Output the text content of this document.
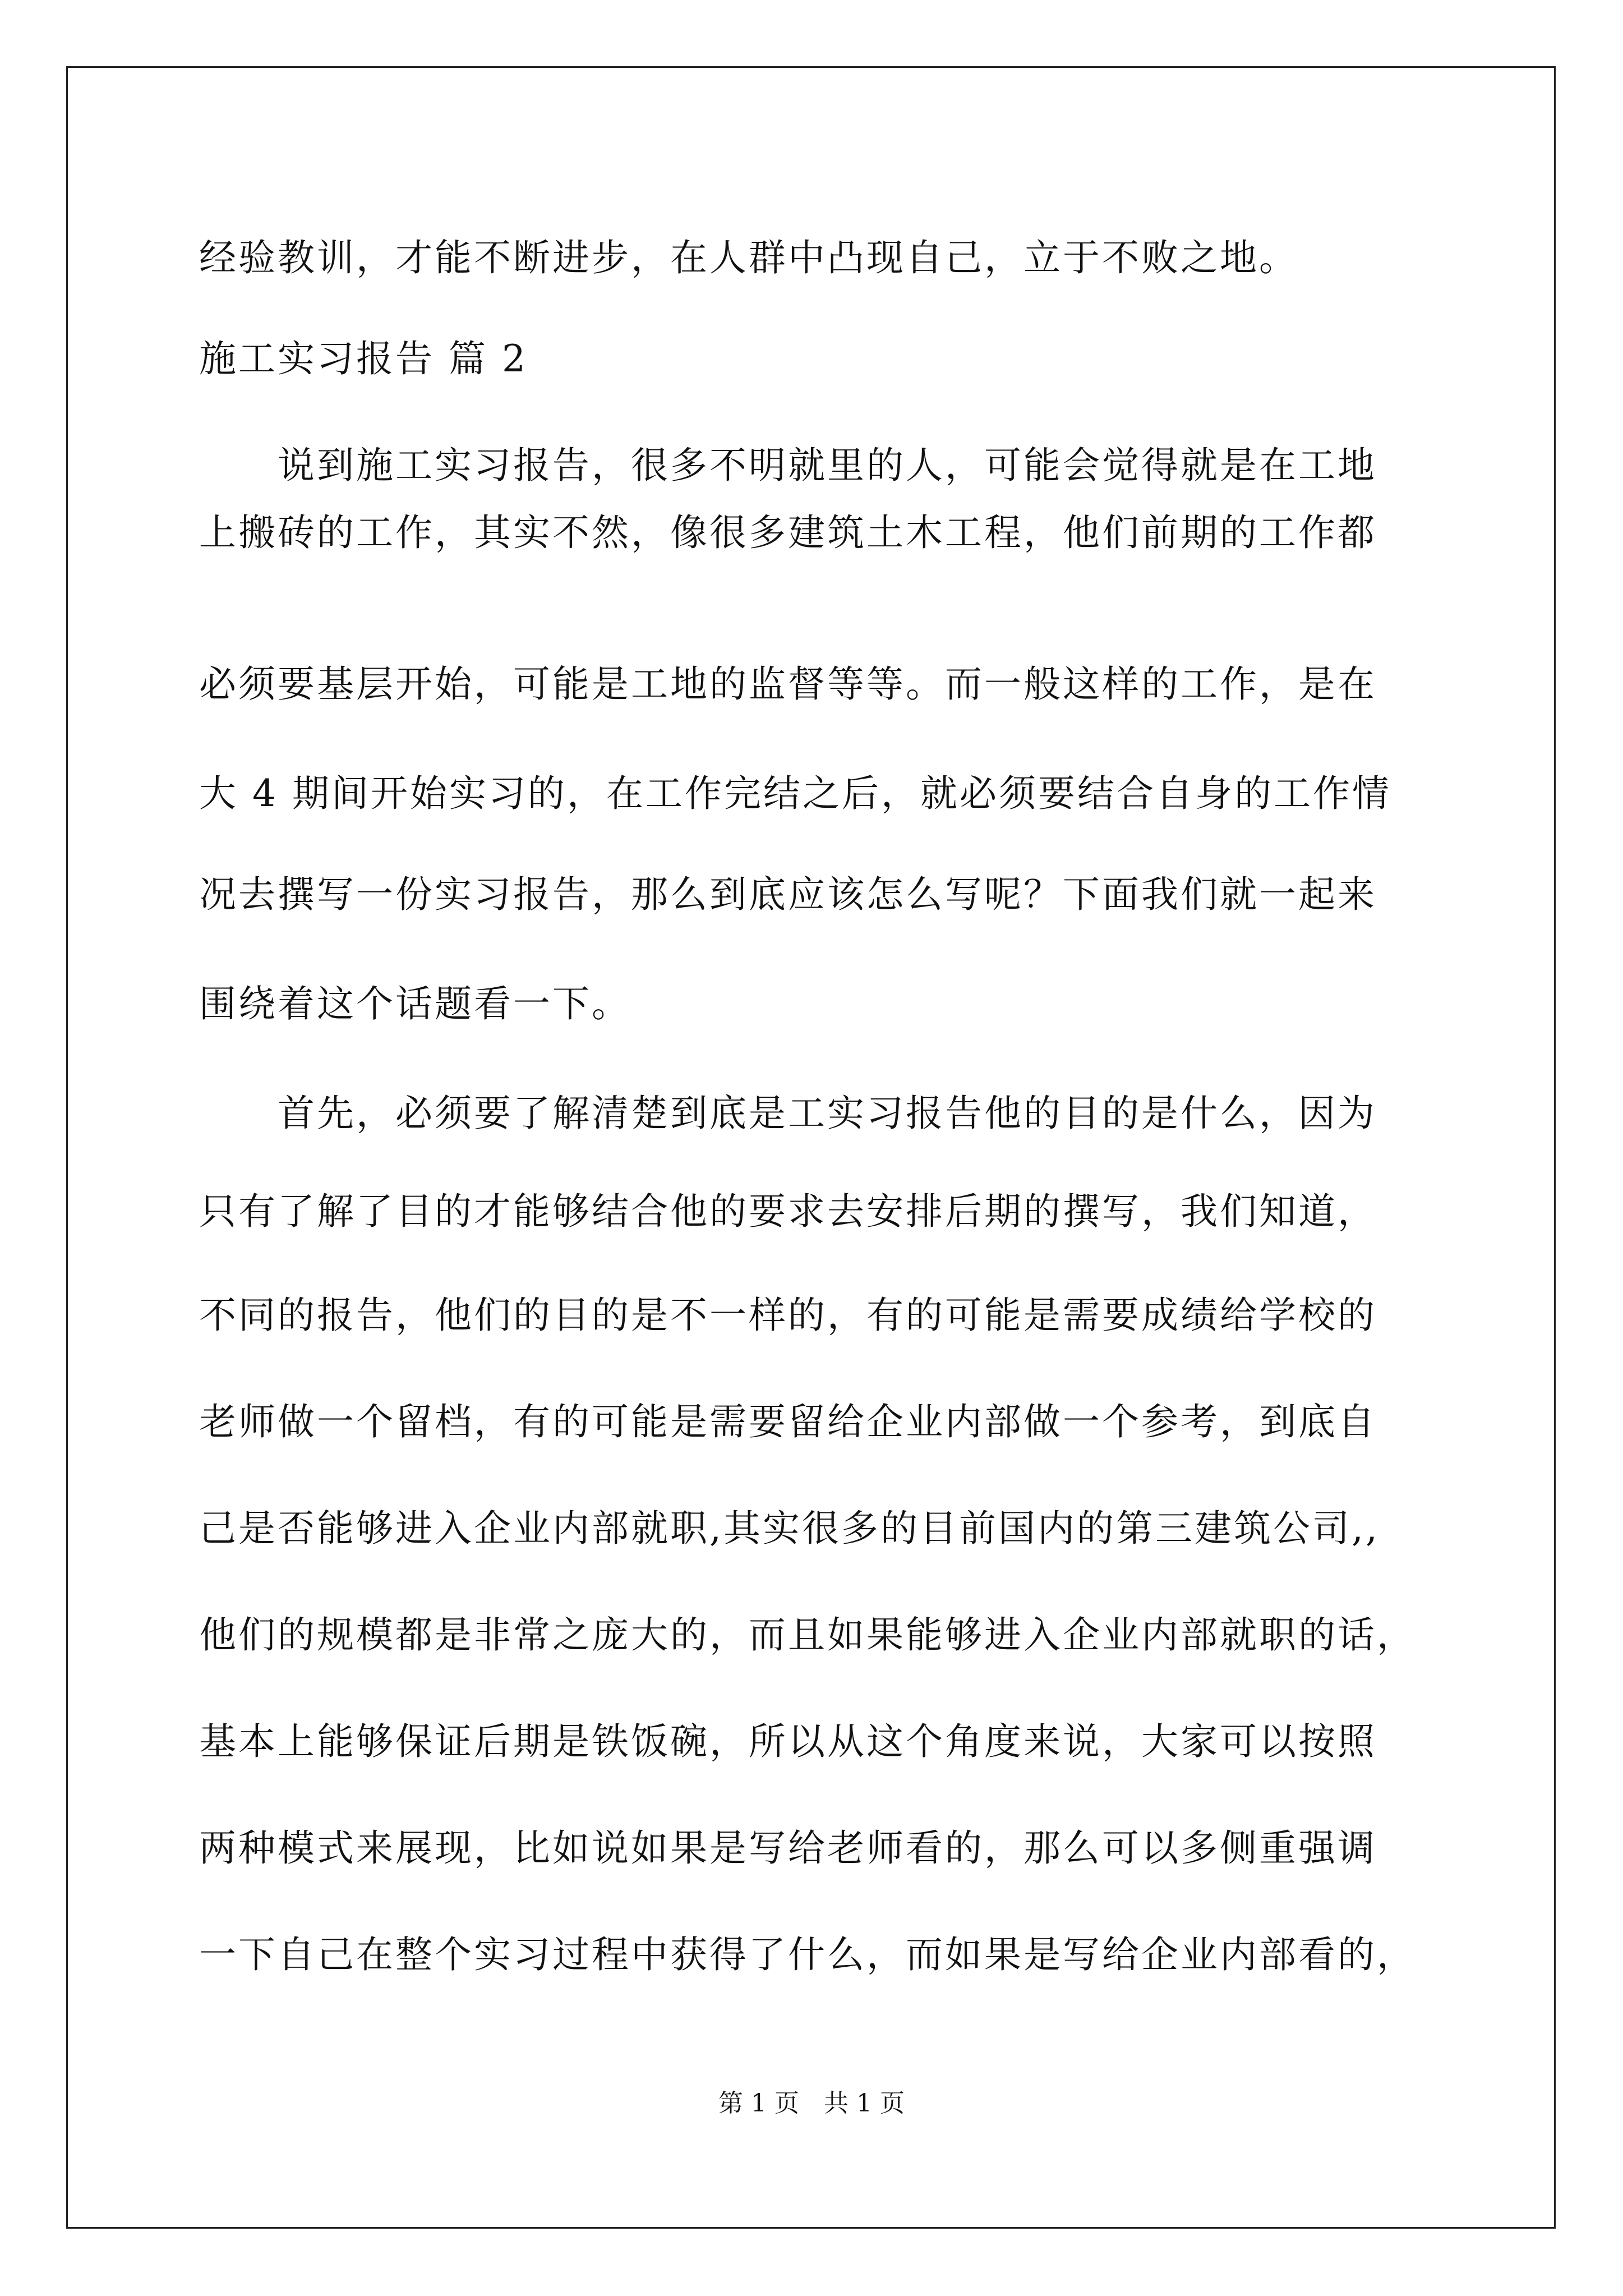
经验教训，才能不断进步，在人群中凸现自己，立于不败之地。

施工实习报告 篇 2

　　说到施工实习报告，很多不明就里的人，可能会觉得就是在工地

上搬砖的工作，其实不然，像很多建筑土木工程，他们前期的工作都

必须要基层开始，可能是工地的监督等等。而一般这样的工作，是在

大 4 期间开始实习的，在工作完结之后，就必须要结合自身的工作情

况去撰写一份实习报告，那么到底应该怎么写呢？下面我们就一起来

围绕着这个话题看一下。

　　首先，必须要了解清楚到底是工实习报告他的目的是什么，因为

只有了解了目的才能够结合他的要求去安排后期的撰写，我们知道，

不同的报告，他们的目的是不一样的，有的可能是需要成绩给学校的

老师做一个留档，有的可能是需要留给企业内部做一个参考，到底自

己是否能够进入企业内部就职,其实很多的目前国内的第三建筑公司,,

他们的规模都是非常之庞大的，而且如果能够进入企业内部就职的话，

基本上能够保证后期是铁饭碗，所以从这个角度来说，大家可以按照

两种模式来展现，比如说如果是写给老师看的，那么可以多侧重强调

一下自己在整个实习过程中获得了什么，而如果是写给企业内部看的，

第 1 页　共 1 页
